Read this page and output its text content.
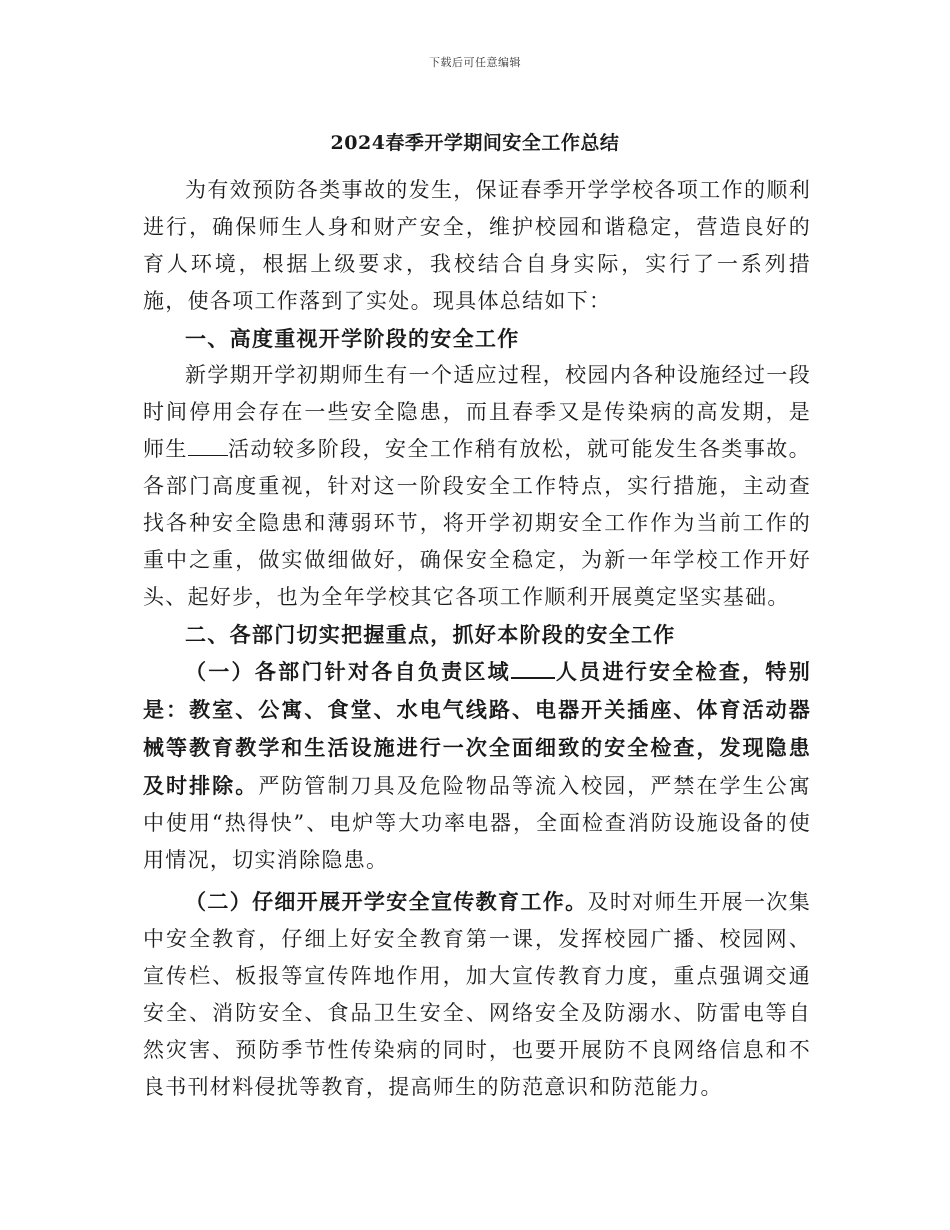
下载后可任意编辑
2024春季开学期间安全工作总结

为有效预防各类事故的发生，保证春季开学学校各项工作的顺利进行，确保师生人身和财产安全，维护校园和谐稳定，营造良好的育人环境，根据上级要求，我校结合自身实际，实行了一系列措施，使各项工作落到了实处。现具体总结如下：

一、高度重视开学阶段的安全工作

新学期开学初期师生有一个适应过程，校园内各种设施经过一段时间停用会存在一些安全隐患，而且春季又是传染病的高发期，是师生 活动较多阶段，安全工作稍有放松，就可能发生各类事故。各部门高度重视，针对这一阶段安全工作特点，实行措施，主动查找各种安全隐患和薄弱环节，将开学初期安全工作作为当前工作的重中之重，做实做细做好，确保安全稳定，为新一年学校工作开好头、起好步，也为全年学校其它各项工作顺利开展奠定坚实基础。

二、各部门切实把握重点，抓好本阶段的安全工作

（一）各部门针对各自负责区域 人员进行安全检查，特别是：教室、公寓、食堂、水电气线路、电器开关插座、体育活动器械等教育教学和生活设施进行一次全面细致的安全检查，发现隐患及时排除。严防管制刀具及危险物品等流入校园，严禁在学生公寓中使用“热得快”、电炉等大功率电器，全面检查消防设施设备的使用情况，切实消除隐患。

（二）仔细开展开学安全宣传教育工作。及时对师生开展一次集中安全教育，仔细上好安全教育第一课，发挥校园广播、校园网、宣传栏、板报等宣传阵地作用，加大宣传教育力度，重点强调交通安全、消防安全、食品卫生安全、网络安全及防溺水、防雷电等自然灾害、预防季节性传染病的同时，也要开展防不良网络信息和不良书刊材料侵扰等教育，提高师生的防范意识和防范能力。
